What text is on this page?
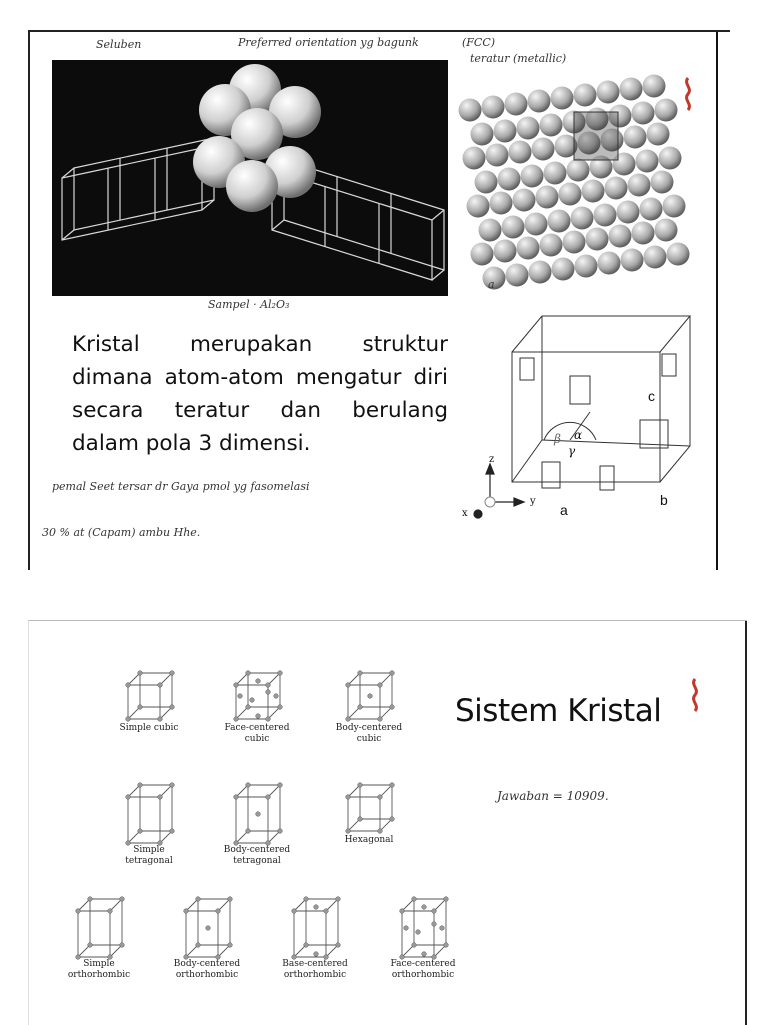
Seluben	Preferred orientation yg bagunk	(FCC)
teratur (metallic)
Sampel · Al₂O₃
a
z
y
x	a
b
c
α
β
γ
Kristal merupakan struktur dimana atom-atom mengatur diri secara teratur dan berulang dalam pola 3 dimensi.
pemal Seet tersar dr Gaya pmol yg fasomelasi
30 % at (Capam) ambu Hhe.
Sistem Kristal
Jawaban = 10909.
Simple cubic	Face-centered
cubic
Body-centered
cubic
Simple
tetragonal
Body-centered
tetragonal
Hexagonal
Simple
orthorhombic
Body-centered
orthorhombic
Base-centered
orthorhombic
Face-centered
orthorhombic
